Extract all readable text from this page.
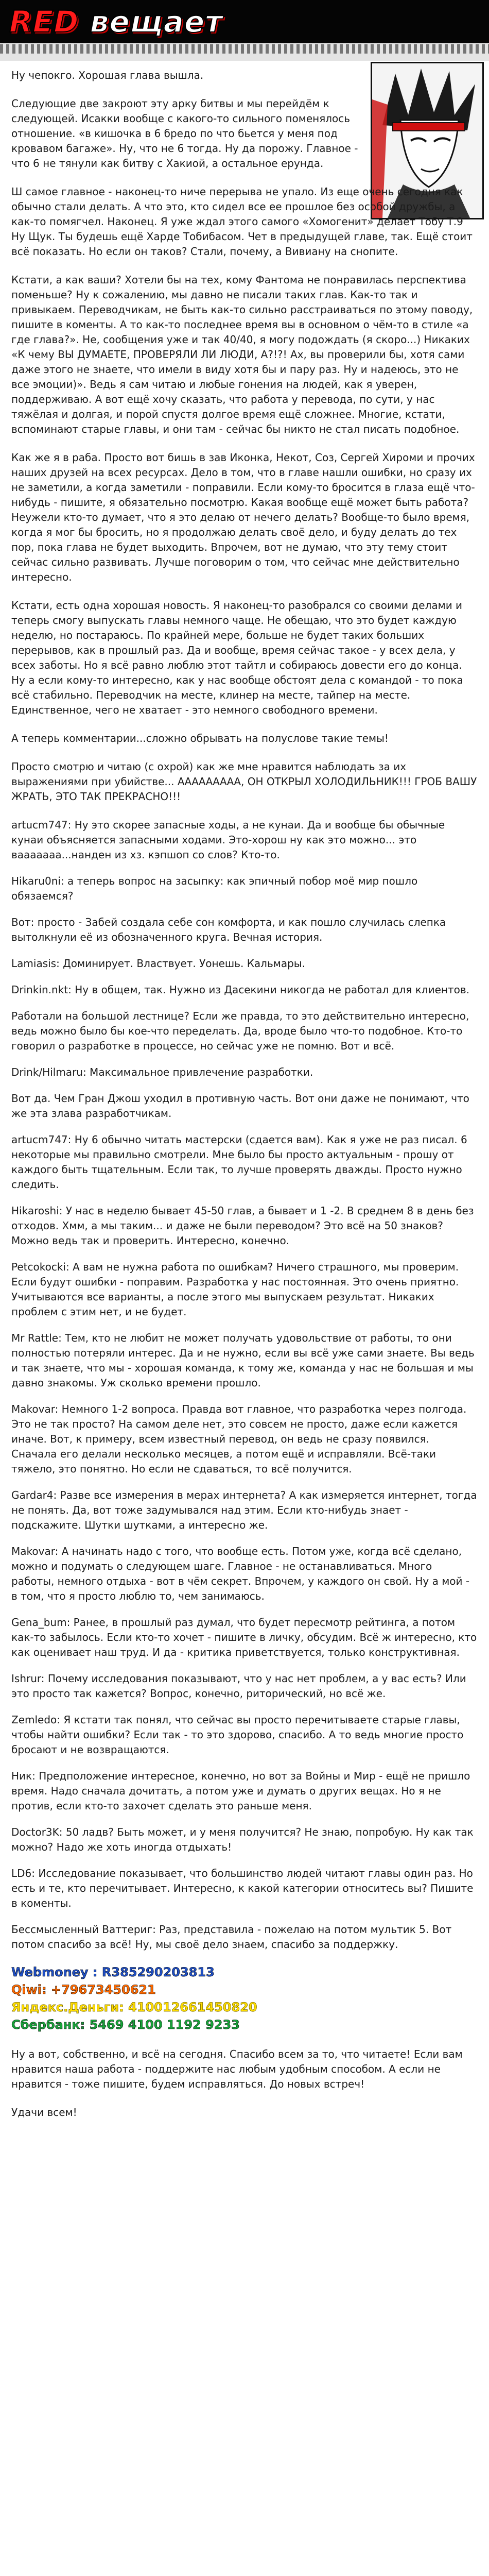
RED вещает

Ну чепокго. Хорошая глава вышла.

Следующие две закроют эту арку битвы и мы перейдём к следующей. Исакки вообще с какого-то сильного поменялось отношение. «в кишочка в 6 бредо по что бьется у меня под кровавом багаже». Ну, что не 6 тогда. Ну да порожу. Главное - что 6 не тянули как битву с Хакиой, а остальное ерунда.

Ш самое главное - наконец-то ниче перерыва не упало. Из еще очень сегодня как обычно стали делать. А что это, кто сидел все ее прошлое без особой дружбы, а как-то помягчел. Наконец. Я уже ждал этого самого «Хомогенит» делает Тобу Т.9 Ну Щук. Ты будешь ещё Харде Тобибасом. Чет в предыдущей главе, так. Ещё стоит всё показать. Но если он таков? Стали, почему, а Вивиану на снопите.

Кстати, а как ваши? Хотели бы на тех, кому Фантома не понравилась перспектива поменьше? Ну к сожалению, мы давно не писали таких глав. Как-то так и привыкаем. Переводчикам, не быть как-то сильно расстраиваться по этому поводу, пишите в коменты. А то как-то последнее время вы в основном о чём-то в стиле «а где глава?». Не, сообщения уже и так 40/40, я могу подождать (я скоро...) Никаких «К чему ВЫ ДУМАЕТЕ, ПРОВЕРЯЛИ ЛИ ЛЮДИ, А?!?! Ах, вы проверили бы, хотя сами даже этого не знаете, что имели в виду хотя бы и пару раз. Ну и надеюсь, это не все эмоции)». Ведь я сам читаю и любые гонения на людей, как я уверен, поддерживаю. А вот ещё хочу сказать, что работа у перевода, по сути, у нас тяжёлая и долгая, и порой спустя долгое время ещё сложнее. Многие, кстати, вспоминают старые главы, и они там - сейчас бы никто не стал писать подобное.

Как же я в раба. Просто вот бишь в зав Иконка, Некот, Соз, Сергей Хироми и прочих наших друзей на всех ресурсах. Дело в том, что в главе нашли ошибки, но сразу их не заметили, а когда заметили - поправили. Если кому-то бросится в глаза ещё что-нибудь - пишите, я обязательно посмотрю. Какая вообще ещё может быть работа? Неужели кто-то думает, что я это делаю от нечего делать? Вообще-то было время, когда я мог бы бросить, но я продолжаю делать своё дело, и буду делать до тех пор, пока глава не будет выходить. Впрочем, вот не думаю, что эту тему стоит сейчас сильно развивать. Лучше поговорим о том, что сейчас мне действительно интересно.

Кстати, есть одна хорошая новость. Я наконец-то разобрался со своими делами и теперь смогу выпускать главы немного чаще. Не обещаю, что это будет каждую неделю, но постараюсь. По крайней мере, больше не будет таких больших перерывов, как в прошлый раз. Да и вообще, время сейчас такое - у всех дела, у всех заботы. Но я всё равно люблю этот тайтл и собираюсь довести его до конца. Ну а если кому-то интересно, как у нас вообще обстоят дела с командой - то пока всё стабильно. Переводчик на месте, клинер на месте, тайпер на месте. Единственное, чего не хватает - это немного свободного времени.

А теперь комментарии...сложно обрывать на полуслове такие темы!

Просто смотрю и читаю (с охрой) как же мне нравится наблюдать за их выражениями при убийстве... ААААААААА, ОН ОТКРЫЛ ХОЛОДИЛЬНИК!!! ГРОБ ВАШУ ЖРАТЬ, ЭТО ТАК ПРЕКРАСНО!!!

artucm747: Ну это скорее запасные ходы, а не кунаи. Да и вообще бы обычные кунаи объясняется запасными ходами. Это-хорош ну как это можно... это вааааааа...нанден из хз. кэпшоп со слов? Кто-то.

Hikaru0ni: а теперь вопрос на засыпку: как эпичный побор моё мир пошло обязаемся?

Вот: просто - Забей создала себе сон комфорта, и как пошло случилась слепка вытолкнули её из обозначенного круга. Вечная история.

Lamiasis: Доминирует. Властвует. Уонешь. Кальмары.

Drinkin.nkt: Ну в общем, так. Нужно из Дасекини никогда не работал для клиентов.

Работали на большой лестнице? Если же правда, то это действительно интересно, ведь можно было бы кое-что переделать. Да, вроде было что-то подобное. Кто-то говорил о разработке в процессе, но сейчас уже не помню. Вот и всё.

Drink/Hilmaru: Максимальное привлечение разработки.

Вот да. Чем Гран Джош уходил в противную часть. Вот они даже не понимают, что же эта злава разработчикам.

artucm747: Ну 6 обычно читать мастерски (сдается вам). Как я уже не раз писал. 6 некоторые мы правильно смотрели. Мне было бы просто актуальным - прошу от каждого быть тщательным. Если так, то лучше проверять дважды. Просто нужно следить.

Hikaroshi: У нас в неделю бывает 45-50 глав, а бывает и 1 -2. В среднем 8 в день без отходов. Хмм, а мы таким... и даже не были переводом? Это всё на 50 знаков? Можно ведь так и проверить. Интересно, конечно.

Petcokocki: А вам не нужна работа по ошибкам? Ничего страшного, мы проверим. Если будут ошибки - поправим. Разработка у нас постоянная. Это очень приятно. Учитываются все варианты, а после этого мы выпускаем результат. Никаких проблем с этим нет, и не будет.

Mr Rattle: Тем, кто не любит не может получать удовольствие от работы, то они полностью потеряли интерес. Да и не нужно, если вы всё уже сами знаете. Вы ведь и так знаете, что мы - хорошая команда, к тому же, команда у нас не большая и мы давно знакомы. Уж сколько времени прошло.

Makovar: Немного 1-2 вопроса. Правда вот главное, что разработка через полгода. Это не так просто? На самом деле нет, это совсем не просто, даже если кажется иначе. Вот, к примеру, всем известный перевод, он ведь не сразу появился. Сначала его делали несколько месяцев, а потом ещё и исправляли. Всё-таки тяжело, это понятно. Но если не сдаваться, то всё получится.

Gardar4: Разве все измерения в мерах интернета? А как измеряется интернет, тогда не понять. Да, вот тоже задумывался над этим. Если кто-нибудь знает - подскажите. Шутки шутками, а интересно же.

Makovar: А начинать надо с того, что вообще есть. Потом уже, когда всё сделано, можно и подумать о следующем шаге. Главное - не останавливаться. Много работы, немного отдыха - вот в чём секрет. Впрочем, у каждого он свой. Ну а мой - в том, что я просто люблю то, чем занимаюсь.

Gena_bum: Ранее, в прошлый раз думал, что будет пересмотр рейтинга, а потом как-то забылось. Если кто-то хочет - пишите в личку, обсудим. Всё ж интересно, кто как оценивает наш труд. И да - критика приветствуется, только конструктивная.

Ishrur: Почему исследования показывают, что у нас нет проблем, а у вас есть? Или это просто так кажется? Вопрос, конечно, риторический, но всё же.

Zemledo: Я кстати так понял, что сейчас вы просто перечитываете старые главы, чтобы найти ошибки? Если так - то это здорово, спасибо. А то ведь многие просто бросают и не возвращаются.

Ник: Предположение интересное, конечно, но вот за Войны и Мир - ещё не пришло время. Надо сначала дочитать, а потом уже и думать о других вещах. Но я не против, если кто-то захочет сделать это раньше меня.

Doctor3K: 50 ладв? Быть может, и у меня получится? Не знаю, попробую. Ну как так можно? Надо же хоть иногда отдыхать!

LD6: Исследование показывает, что большинство людей читают главы один раз. Но есть и те, кто перечитывает. Интересно, к какой категории относитесь вы? Пишите в коменты.

Бессмысленный Ваттериг: Раз, представила - пожелаю на потом мультик 5. Вот потом спасибо за всё! Ну, мы своё дело знаем, спасибо за поддержку.

Webmoney : R385290203813

Qiwi: +79673450621

Яндекс.Деньги: 410012661450820

Сбербанк: 5469 4100 1192 9233

Ну а вот, собственно, и всё на сегодня. Спасибо всем за то, что читаете! Если вам нравится наша работа - поддержите нас любым удобным способом. А если не нравится - тоже пишите, будем исправляться. До новых встреч!

Удачи всем!
